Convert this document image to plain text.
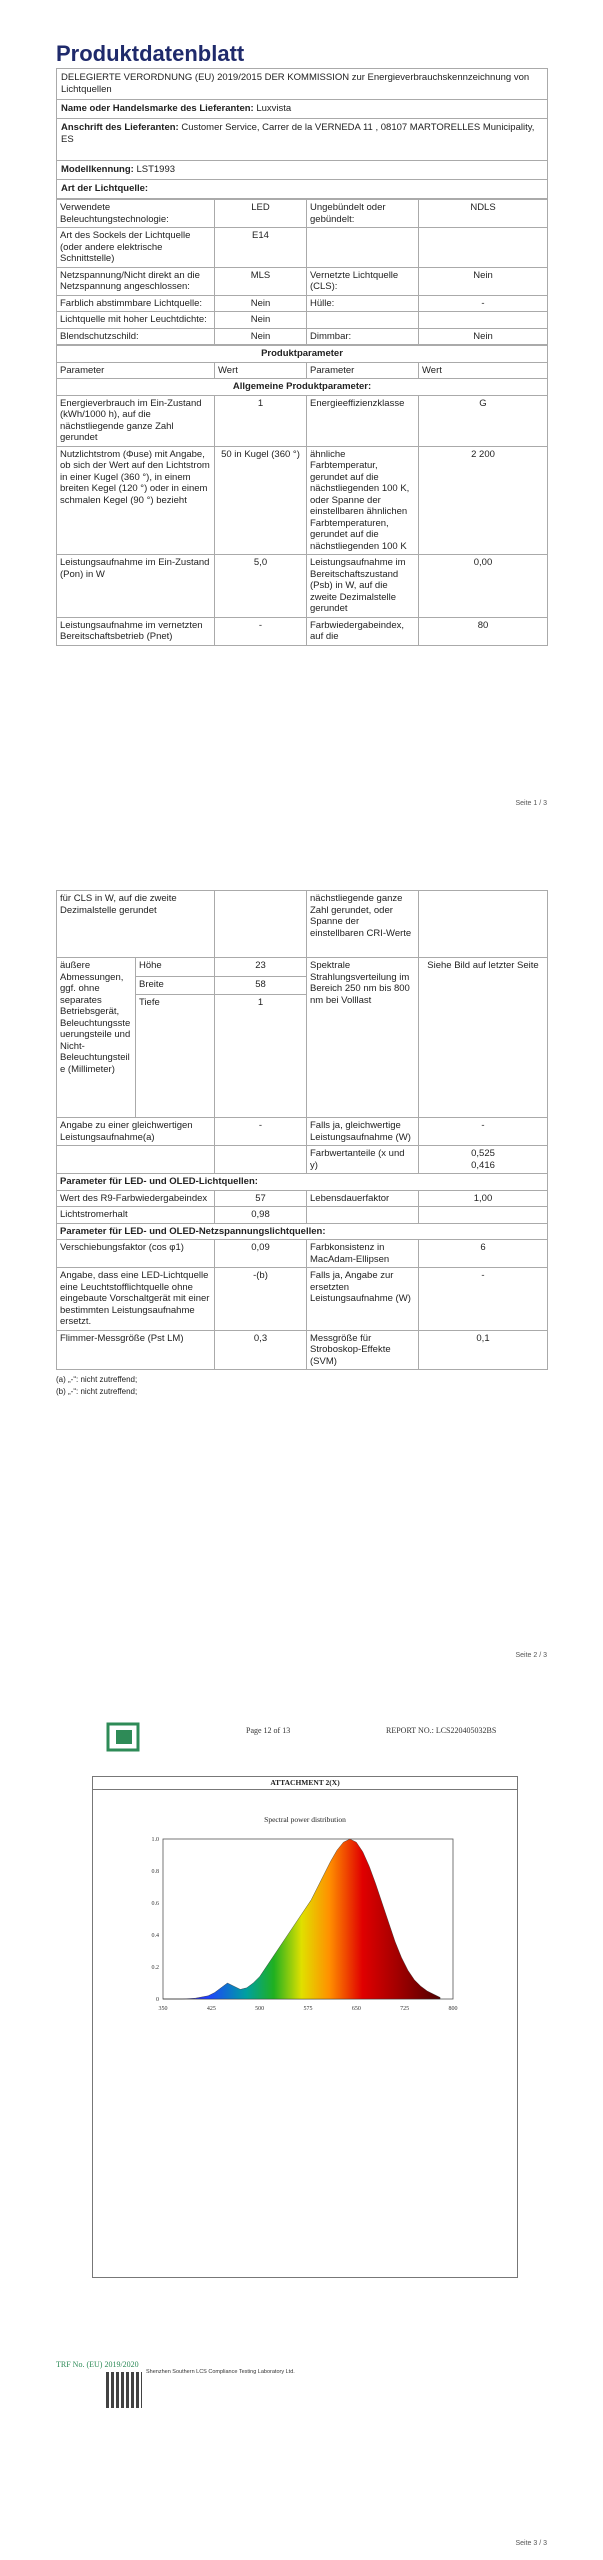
Produktdatenblatt
DELEGIERTE VERORDNUNG (EU) 2019/2015 DER KOMMISSION zur Energieverbrauchskennzeichnung von Lichtquellen
Name oder Handelsmarke des Lieferanten: Luxvista
Anschrift des Lieferanten: Customer Service, Carrer de la VERNEDA 11 , 08107 MARTORELLES Municipality, ES
Modellkennung: LST1993
Art der Lichtquelle:
Verwendete Beleuchtungstechnologie:	LED	Ungebündelt oder gebündelt:	NDLS
Art des Sockels der Lichtquelle (oder andere elektrische Schnittstelle)	E14		
Netzspannung/Nicht direkt an die Netzspannung angeschlossen:	MLS	Vernetzte Lichtquelle (CLS):	Nein
Farblich abstimmbare Lichtquelle:	Nein	Hülle:	-
Lichtquelle mit hoher Leuchtdichte:	Nein		
Blendschutzschild:	Nein	Dimmbar:	Nein
Produktparameter			
Parameter	Wert	Parameter	Wert
Allgemeine Produktparameter:			
Energieverbrauch im Ein-Zustand (kWh/1000 h), auf die nächstliegende ganze Zahl gerundet	1	Energieeffizienzklasse	G
Nutzlichtstrom (Φuse) mit Angabe, ob sich der Wert auf den Lichtstrom in einer Kugel (360 °), in einem breiten Kegel (120 °) oder in einem schmalen Kegel (90 °) bezieht	50 in Kugel (360 °)	ähnliche Farbtemperatur, gerundet auf die nächstliegenden 100 K, oder Spanne der einstellbaren ähnlichen Farbtemperaturen, gerundet auf die nächstliegenden 100 K	2 200
Leistungsaufnahme im Ein-Zustand (Pon) in W	5,0	Leistungsaufnahme im Bereitschaftszustand (Psb) in W, auf die zweite Dezimalstelle gerundet	0,00
Leistungsaufnahme im vernetzten Bereitschaftsbetrieb (Pnet)	-	Farbwiedergabeindex, auf die	80
Seite 1 / 3
für CLS in W, auf die zweite Dezimalstelle gerundet			nächstliegende ganze Zahl gerundet, oder Spanne der einstellbaren CRI-Werte	
äußere Abmessungen, ggf. ohne separates Betriebsgerät, Beleuchtungssteuerungsteile und Nicht-Beleuchtungsteile (Millimeter)	Höhe	23	Spektrale Strahlungsverteilung im Bereich 250 nm bis 800 nm bei Volllast	Siehe Bild auf letzter Seite
	Breite	58		
	Tiefe	1		
Angabe zu einer gleichwertigen Leistungsaufnahme(a)		-	Falls ja, gleichwertige Leistungsaufnahme (W)	-
			Farbwertanteile (x und y)	0,525
0,416
Parameter für LED- und OLED-Lichtquellen:				
Wert des R9-Farbwiedergabeindex		57	Lebensdauerfaktor	1,00
Lichtstromerhalt		0,98		
Parameter für LED- und OLED-Netzspannungslichtquellen:				
Verschiebungsfaktor (cos φ1)		0,09	Farbkonsistenz in MacAdam-Ellipsen	6
Angabe, dass eine LED-Lichtquelle eine Leuchtstofflichtquelle ohne eingebaute Vorschaltgerät mit einer bestimmten Leistungsaufnahme ersetzt.		-(b)	Falls ja, Angabe zur ersetzten Leistungsaufnahme (W)	-
Flimmer-Messgröße (Pst LM)		0,3	Messgröße für Stroboskop-Effekte (SVM)	0,1
(a) „-“: nicht zutreffend;
(b) „-“: nicht zutreffend;
Seite 2 / 3
Page 12 of 13	REPORT NO.: LCS220405032BS
ATTACHMENT 2(X)
Spectral power distribution
350	425	500	575	650	725	800
0
0.2
0.4
0.6
0.8
1.0
TRF No. (EU) 2019/2020
Shenzhen Southern LCS Compliance Testing Laboratory Ltd.
Seite 3 / 3
